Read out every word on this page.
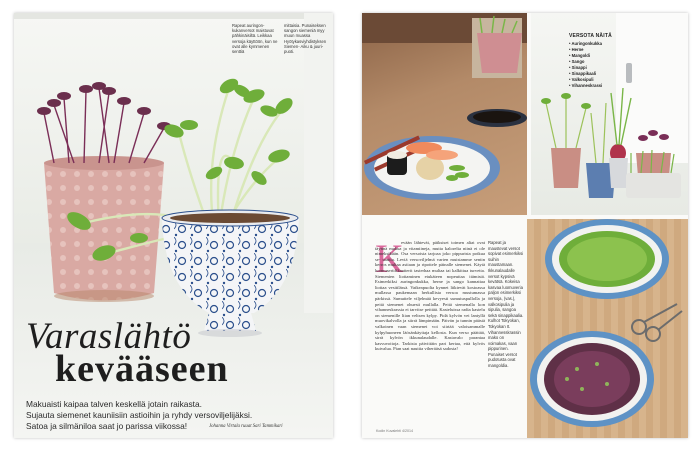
Rapeat auringon-kukanversot maistuvat pähkinäisiltä. Leikkaa versoja käyttöön, kun ne ovat alle kymmenen senttiä
mittaisia. Punaiseksen sangon siemeniä myy muun muassa Hyötykasviyhdistyksen Siemen- Aiku & juuri- puoti.
Varaslähtö
kevääseen
Makuaisti kaipaa talven keskellä jotain raikasta.
Sujauta siemenet kauniisiin astioihin ja ryhdy versoviljelijäksi.
Satoa ja silmäniloa saat jo parissa viikossa!	Johanna Virtala ruuat Sari Tammikari
VERSOTA NÄITÄ
• Auringonkukka
• Herne
• Mangoldi
• Sango
• Sinappi
• Sinappikaali
• Valkosipuli
• Vihanneskrassi
K
evään lähtevät, päiksiset toimen aliat ovat täynnä makua ja vitamiineja, mutta kalorelta niinä ei ole nimeksikään. Osa versoista tarjoaa joko pippurista potkua se- taattia. Leviä versoviljelmä varten muistamme sentin kerros multaa astiaan ja ripottele päinalle siemenet. Käytä luomusertifikaatterit tasterhaa multaa tai kalkittua turvetta. Siemenien liottaminen etukäteen nopeuttaa itämistä. Esimerkiksi auringonkukka, herne ja sango kannattaa liottaa vesitilässä. Vaikeapuolta kynnet liiktevät kostoassa mullassa paukemaan herkullista versoa mustumassa pärkissä. Sumuttele viljelmää kevyesti sumutuspullolla ja peitä siemenet ohuesti mullalla. Peitä siemenalla kon vihanneskrassia ei tarvitse peittää. Kasteluissa radia kastelu on siemenille liian veltsen kylpy. Pidä kylvön vei lantyllä muovikalvolla ja siirrä lämpimään. Päivän ja tunnin päästä valkoinen vaan siemenet voi siirtää valoisammalle kylpyhuoneen läösänkäyttaja kellosta. Kun verso päättää, sirrä kylvön ikkunalaudalle. Kastavalo parantaa kasvuvoitoja. Tarkista päivittäin pari kertaa, että kylvös kuivalua. Pian saat nauttia viherääsä sadosta!
Rapeat ja maustevat versot sopivat esimerkiksi suihin maustamaan. Ikkunalaudalle versot kypsivä kevätsä. Kokeisa kasvaa luomuveria paljon esimerkiksi versoja, (vas.), valkosipulia ja sipulia, sangoa sekä sinappikaalia. Kulhot Tokyokan, Tokyokan It. Vihannesskrassin mako on voimakas, vaan pippurinen. Punaiset versot pudotusta ovat mangoldia.
Kodin Kuvalehti 4/2014
